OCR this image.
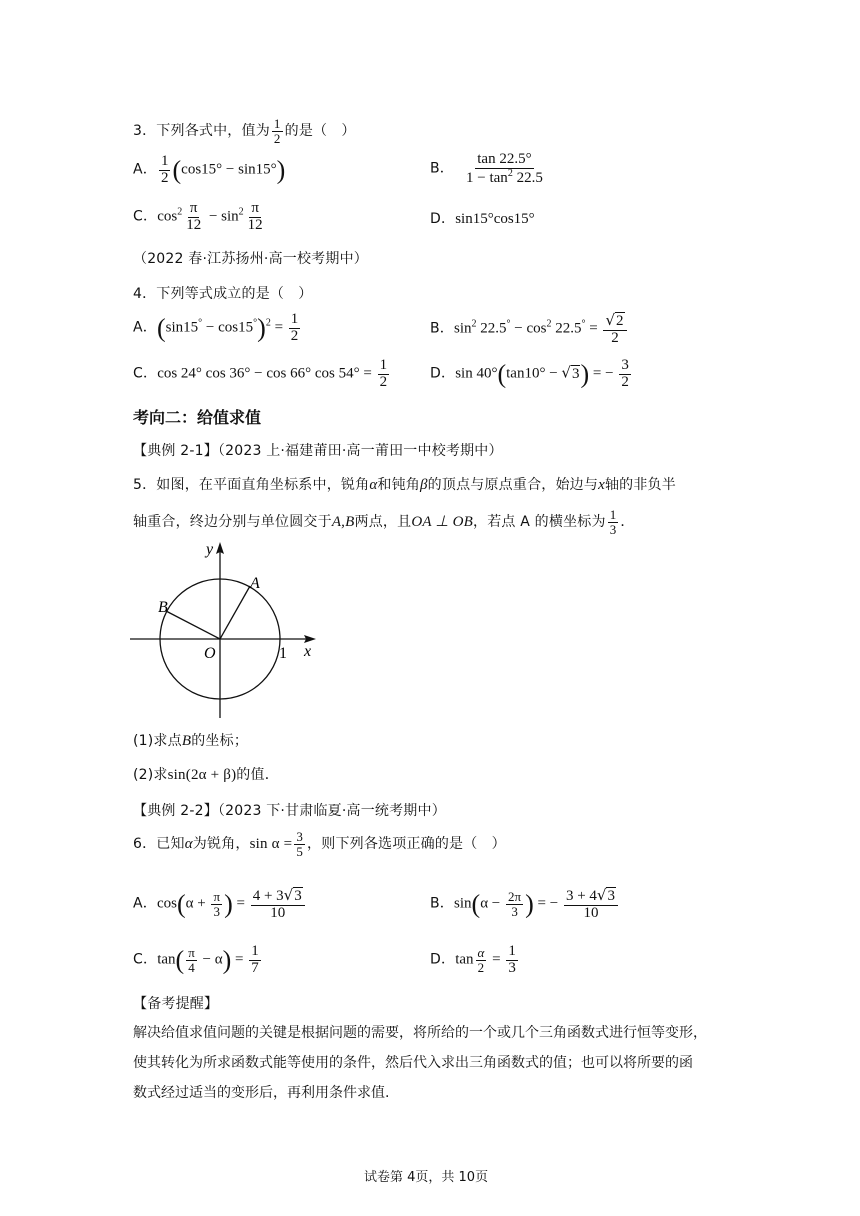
3．下列各式中，值为 $\frac{1}{2}$ 的是（　）
A． $\frac{1}{2} (\cos 15^\circ - \sin 15^\circ)$	B． $\frac{\tan 22.5^\circ}{1 - \tan^2 22.5}$
C．$\cos^2 \frac{\pi}{12} - \sin^2 \frac{\pi}{12}$	D．sin15°cos15°
（2022 春·江苏扬州·高一校考期中）
4．下列等式成立的是（　）
A．$(\sin 15^\circ - \cos 15^\circ)^2 = \frac{1}{2}$	B．$\sin^2 22.5^\circ - \cos^2 22.5^\circ = \frac{√2}{2}$
C．cos 24° cos 36° − cos 66° $\cos 54^\circ = \frac{1}{2}$	D．sin 40°(tan10° − √3) = − $\frac{3}{2}$
考向二：给值求值
【典例 2-1】（2023 上·福建莆田·高一莆田一中校考期中）
5．如图，在平面直角坐标系中，锐角α和钝角β的顶点与原点重合，始边与x轴的非负半
轴重合，终边分别与单位圆交于A,B两点，且OA ⊥ OB，若点 A 的横坐标为 $\frac{1}{3}$ ．
y
x
O	1
A
B
(1)求点B的坐标；
(2)求sin(2α + β)的值．
【典例 2-2】（2023 下·甘肃临夏·高一统考期中）
6．已知α为锐角，$\sin \alpha = \frac{3}{5}$ ，则下列各选项正确的是（　）
A．$\cos(\alpha + \frac{\pi}{3}$ ) = $\frac{4 + 3√3}{10}$	B．$\sin(\alpha - \frac{2\pi}{3}$ ) = − $\frac{3 + 4√3}{10}$
C．$\tan( \frac{\pi}{4} - \alpha) = \frac{1}{7}$	D．$\tan \frac{\alpha}{2} = \frac{1}{3}$
【备考提醒】
解决给值求值问题的关键是根据问题的需要，将所给的一个或几个三角函数式进行恒等变形，
使其转化为所求函数式能等使用的条件，然后代入求出三角函数式的值；也可以将所要的函
数式经过适当的变形后，再利用条件求值.
试卷第 4页，共 10页
